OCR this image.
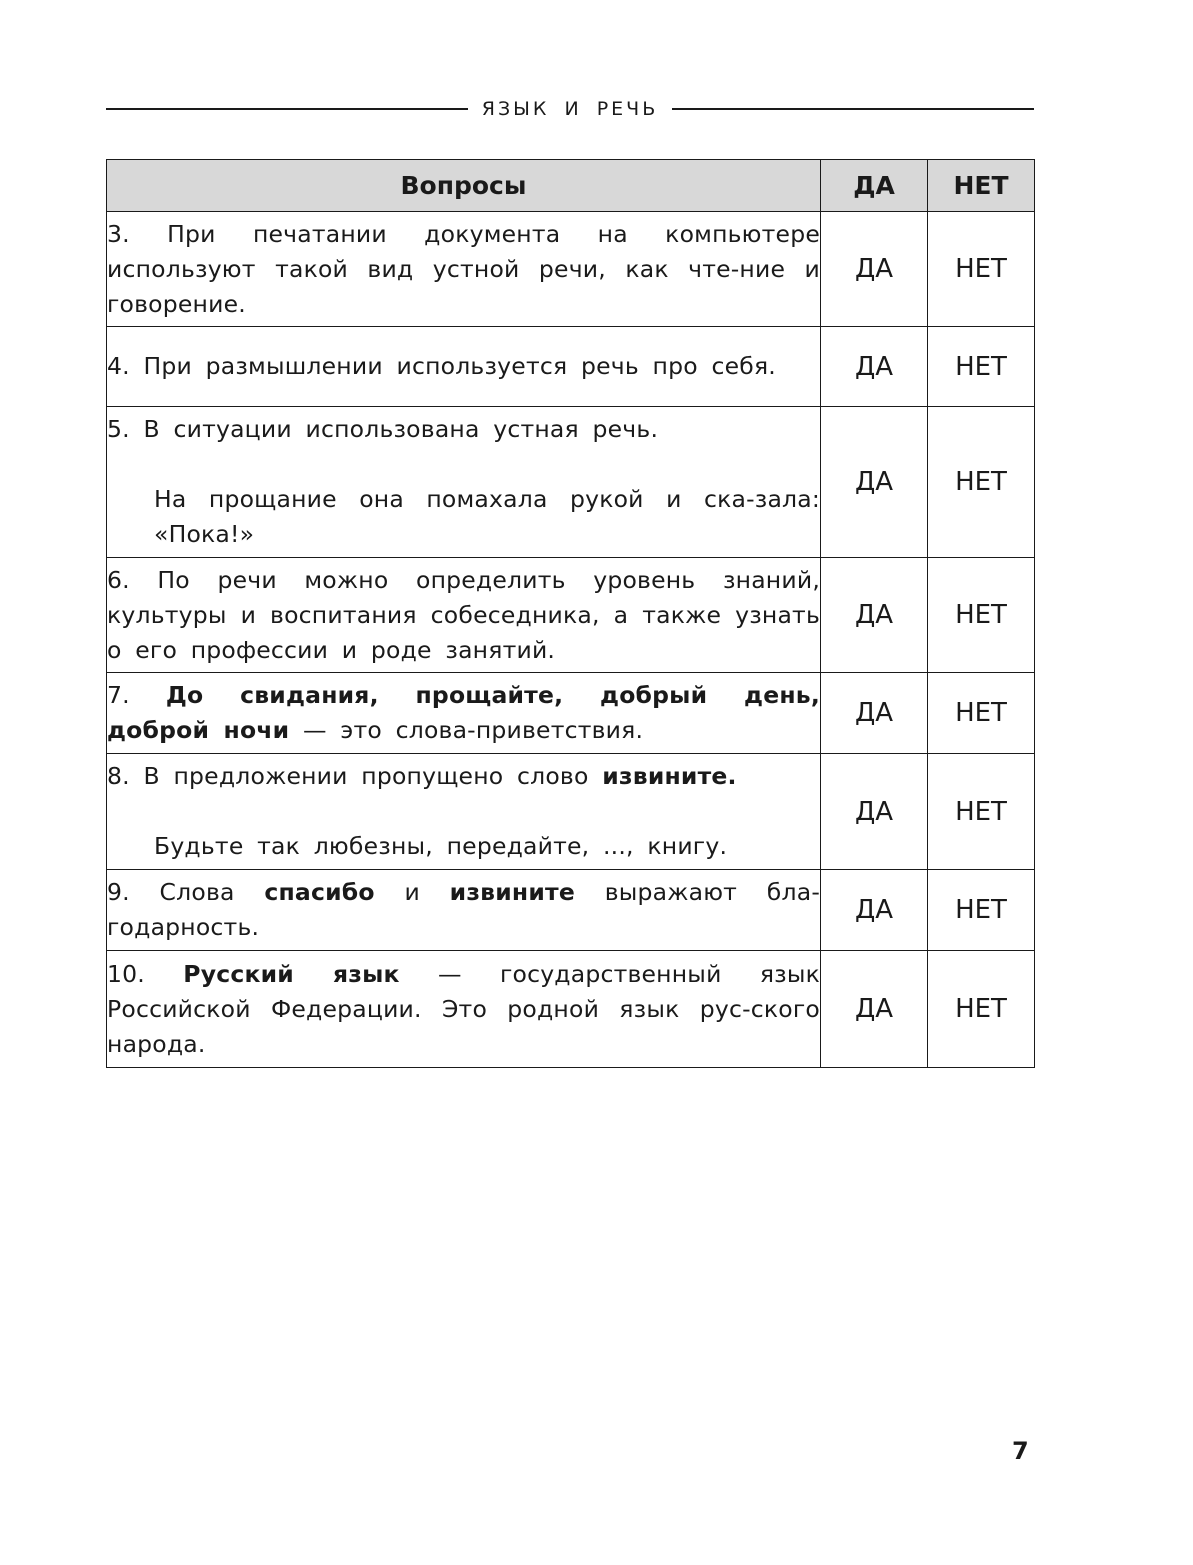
ЯЗЫК И РЕЧЬ
Вопросы	ДА	НЕТ
3. При печатании документа на компьютере используют такой вид устной речи, как чте-ние и говорение.	ДА	НЕТ
4. При размышлении используется речь про себя.	ДА	НЕТ

5. В ситуации использована устная речь.
На прощание она помахала рукой и ска-зала: «Пока!»	ДА	НЕТ
6. По речи можно определить уровень знаний, культуры и воспитания собеседника, а также узнать о его профессии и роде занятий.	ДА	НЕТ
7. До свидания, прощайте, добрый день, доброй ночи — это слова-приветствия.	ДА	НЕТ

8. В предложении пропущено слово извините.
Будьте так любезны, передайте, ..., книгу.	ДА	НЕТ
9. Слова спасибо и извините выражают бла-годарность.	ДА	НЕТ
10. Русский язык — государственный язык Российской Федерации. Это родной язык рус-ского народа.	ДА	НЕТ
7
